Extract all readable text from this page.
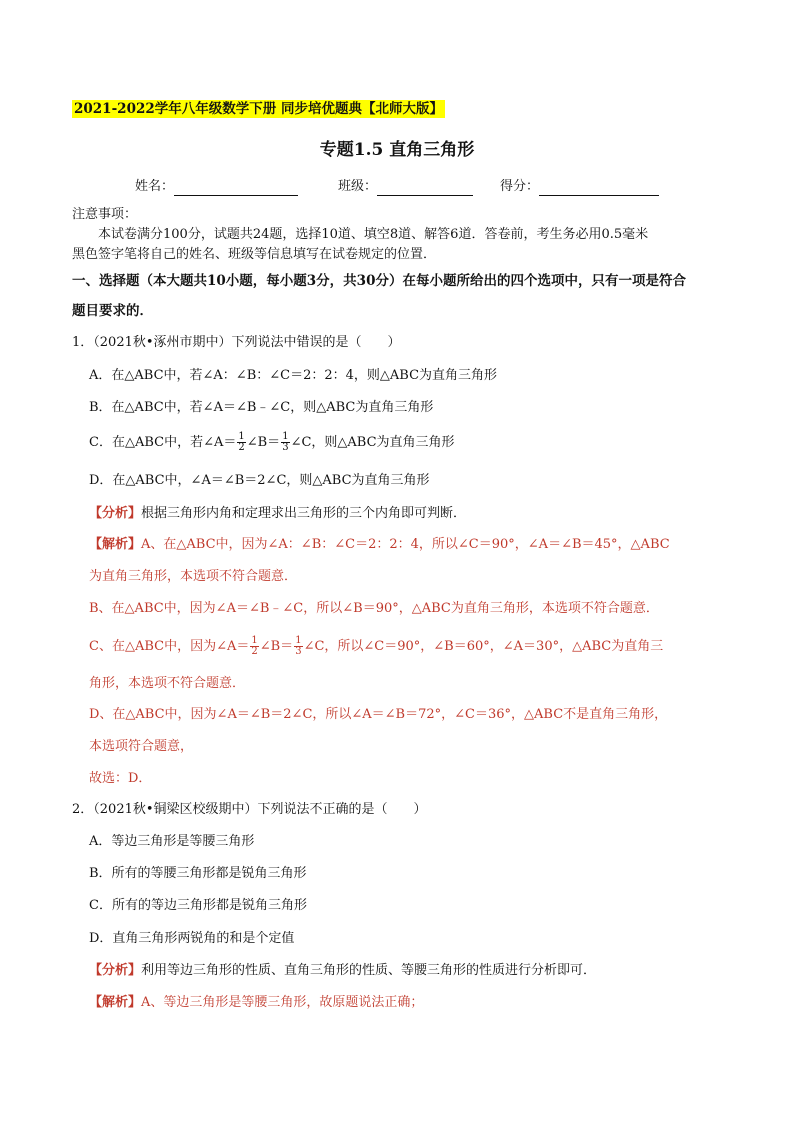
2021-2022学年八年级数学下册 同步培优题典【北师大版】
专题1.5 直角三角形
姓名：	班级：	得分：
注意事项：
本试卷满分100分，试题共24题，选择10道、填空8道、解答6道．答卷前，考生务必用0.5毫米
黑色签字笔将自己的姓名、班级等信息填写在试卷规定的位置．
一、选择题（本大题共10小题，每小题3分，共30分）在每小题所给出的四个选项中，只有一项是符合
题目要求的．
1．（2021秋•涿州市期中）下列说法中错误的是（　　）
A．在△ABC中，若∠A：∠B：∠C＝2：2：4，则△ABC为直角三角形
B．在△ABC中，若∠A＝∠B﹣∠C，则△ABC为直角三角形
C．在△ABC中，若∠A＝ $\frac{1}{2}$ ∠B＝ $\frac{1}{3}$ ∠C，则△ABC为直角三角形
D．在△ABC中，∠A＝∠B＝2∠C，则△ABC为直角三角形
【分析】根据三角形内角和定理求出三角形的三个内角即可判断．
【解析】A、在△ABC中，因为∠A：∠B：∠C＝2：2：4，所以∠C＝90°，∠A＝∠B＝45°，△ABC
为直角三角形，本选项不符合题意．
B、在△ABC中，因为∠A＝∠B﹣∠C，所以∠B＝90°，△ABC为直角三角形，本选项不符合题意．
C、在△ABC中，因为∠A＝ $\frac{1}{2}$ ∠B＝ $\frac{1}{3}$ ∠C，所以∠C＝90°，∠B＝60°，∠A＝30°，△ABC为直角三
角形，本选项不符合题意．
D、在△ABC中，因为∠A＝∠B＝2∠C，所以∠A＝∠B＝72°，∠C＝36°，△ABC不是直角三角形，
本选项符合题意，
故选：D．
2．（2021秋•铜梁区校级期中）下列说法不正确的是（　　）
A．等边三角形是等腰三角形
B．所有的等腰三角形都是锐角三角形
C．所有的等边三角形都是锐角三角形
D．直角三角形两锐角的和是个定值
【分析】利用等边三角形的性质、直角三角形的性质、等腰三角形的性质进行分析即可．
【解析】A、等边三角形是等腰三角形，故原题说法正确；
